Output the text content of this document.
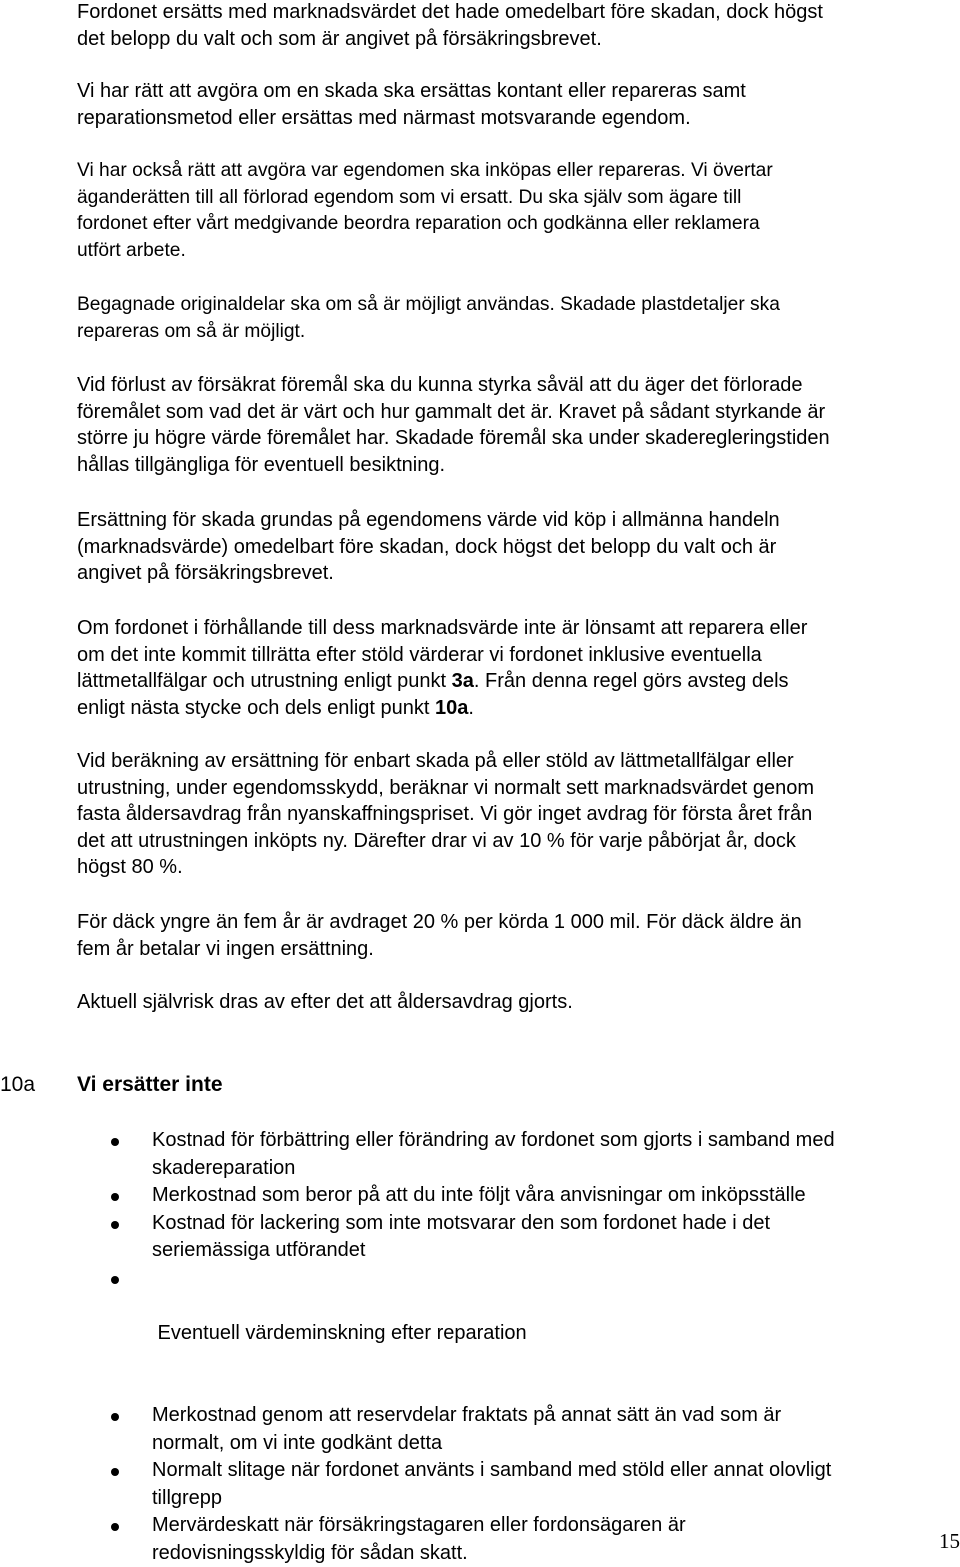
Fordonet ersätts med marknadsvärdet det hade omedelbart före skadan, dock högst
det belopp du valt och som är angivet på försäkringsbrevet.

Vi har rätt att avgöra om en skada ska ersättas kontant eller repareras samt
reparationsmetod eller ersättas med närmast motsvarande egendom.

Vi har också rätt att avgöra var egendomen ska inköpas eller repareras. Vi övertar
äganderätten till all förlorad egendom som vi ersatt. Du ska själv som ägare till
fordonet efter vårt medgivande beordra reparation och godkänna eller reklamera
utfört arbete.

Begagnade originaldelar ska om så är möjligt användas. Skadade plastdetaljer ska
repareras om så är möjligt.

Vid förlust av försäkrat föremål ska du kunna styrka såväl att du äger det förlorade
föremålet som vad det är värt och hur gammalt det är. Kravet på sådant styrkande är
större ju högre värde föremålet har. Skadade föremål ska under skaderegleringstiden
hållas tillgängliga för eventuell besiktning.

Ersättning för skada grundas på egendomens värde vid köp i allmänna handeln
(marknadsvärde) omedelbart före skadan, dock högst det belopp du valt och är
angivet på försäkringsbrevet.

Om fordonet i förhållande till dess marknadsvärde inte är lönsamt att reparera eller
om det inte kommit tillrätta efter stöld värderar vi fordonet inklusive eventuella
lättmetallfälgar och utrustning enligt punkt 3a. Från denna regel görs avsteg dels
enligt nästa stycke och dels enligt punkt 10a.

Vid beräkning av ersättning för enbart skada på eller stöld av lättmetallfälgar eller
utrustning, under egendomsskydd, beräknar vi normalt sett marknadsvärdet genom
fasta åldersavdrag från nyanskaffningspriset. Vi gör inget avdrag för första året från
det att utrustningen inköpts ny. Därefter drar vi av 10 % för varje påbörjat år, dock
högst 80 %.

För däck yngre än fem år är avdraget 20 % per körda 1 000 mil. För däck äldre än
fem år betalar vi ingen ersättning.

Aktuell självrisk dras av efter det att åldersavdrag gjorts.

10a Vi ersätter inte
Kostnad för förbättring eller förändring av fordonet som gjorts i samband med
skadereparation
Merkostnad som beror på att du inte följt våra anvisningar om inköpsställe
Kostnad för lackering som inte motsvarar den som fordonet hade i det
seriemässiga utförandet

Eventuell värdeminskning efter reparation

Merkostnad genom att reservdelar fraktats på annat sätt än vad som är
normalt, om vi inte godkänt detta
Normalt slitage när fordonet använts i samband med stöld eller annat olovligt
tillgrepp
Mervärdeskatt när försäkringstagaren eller fordonsägaren är
redovisningsskyldig för sådan skatt.	15
